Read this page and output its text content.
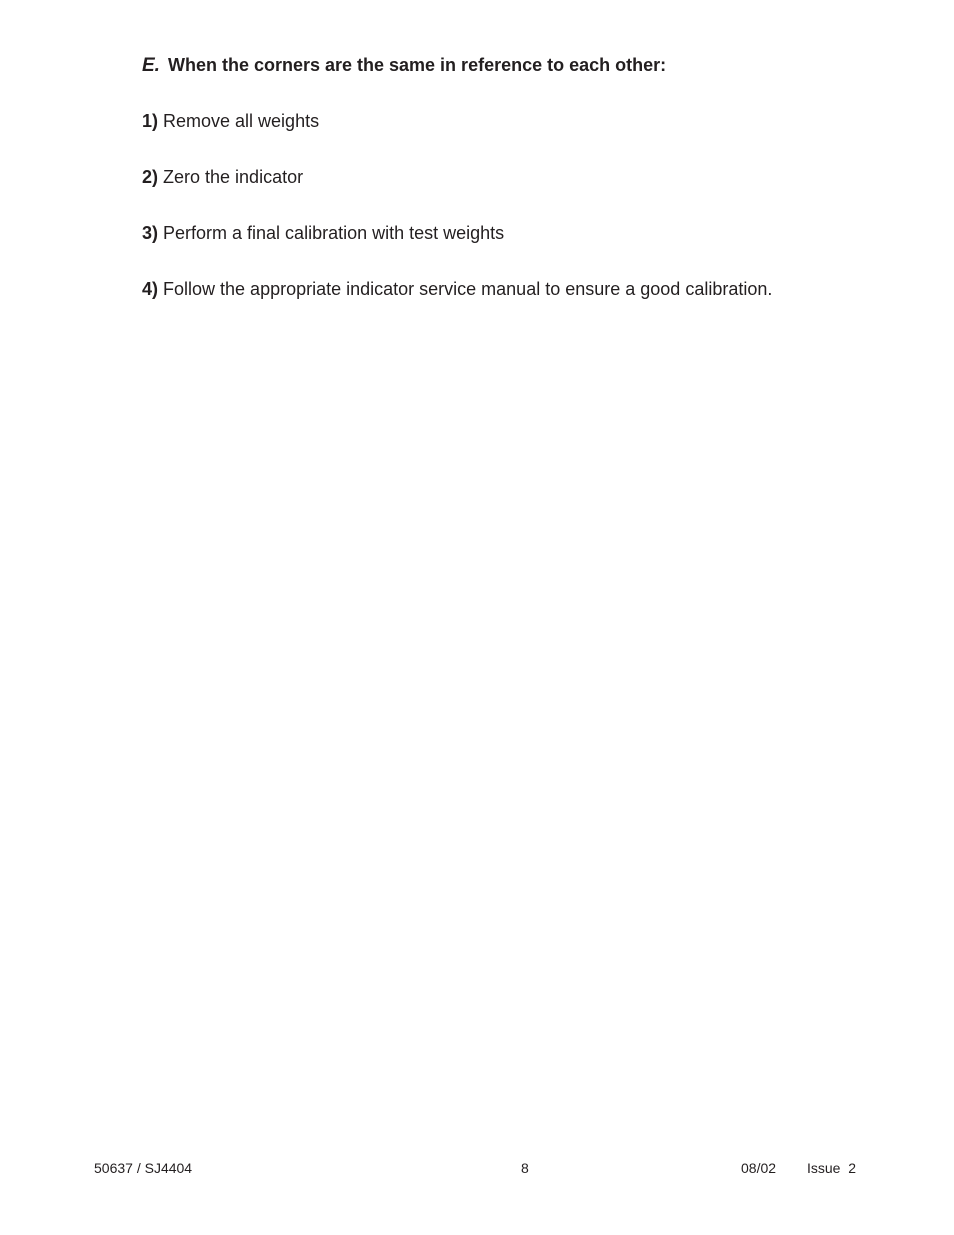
E. When the corners are the same in reference to each other:
1) Remove all weights
2) Zero the indicator
3) Perform a final calibration with test weights
4) Follow the appropriate indicator service manual to ensure a good calibration.
50637 / SJ4404	8	08/02 Issue  2
